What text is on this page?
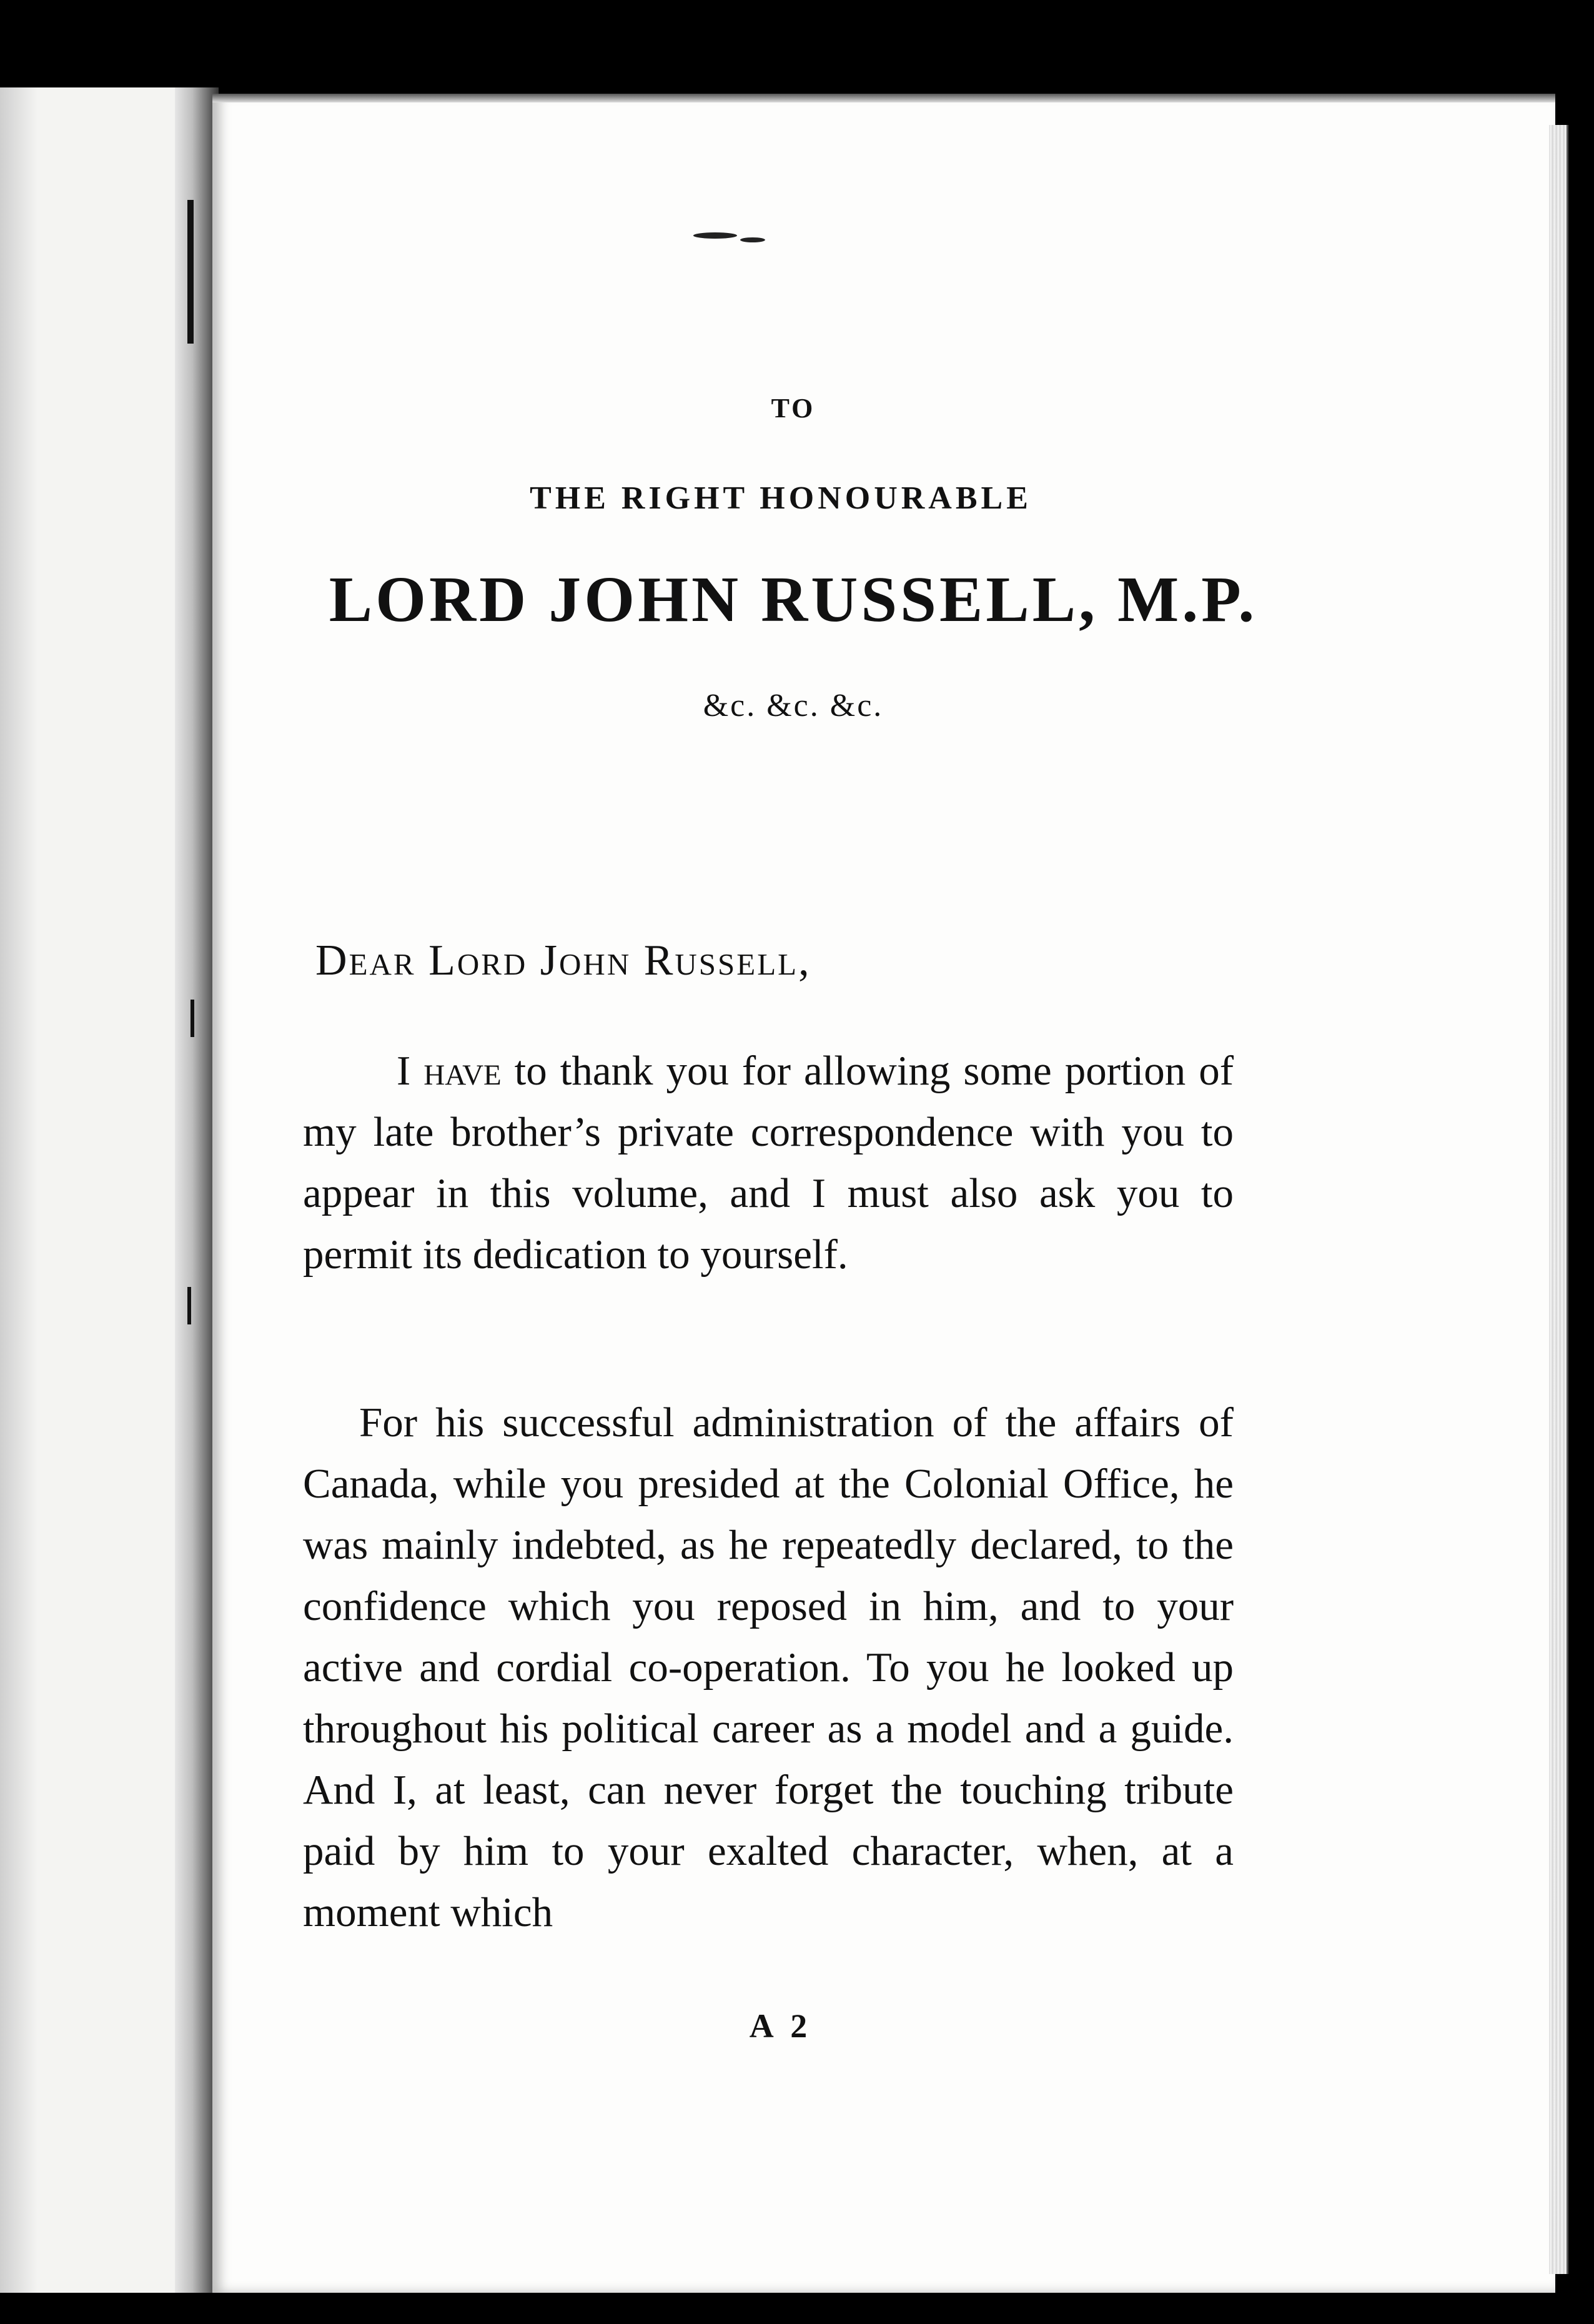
TO
THE RIGHT HONOURABLE
LORD JOHN RUSSELL, M.P.
&c. &c. &c.
Dear Lord John Russell,
I have to thank you for allowing some portion of my late brother’s private correspondence with you to appear in this volume, and I must also ask you to permit its dedication to yourself.
For his successful administration of the affairs of Canada, while you presided at the Colonial Office, he was mainly indebted, as he repeatedly declared, to the confidence which you reposed in him, and to your active and cordial co-operation. To you he looked up throughout his political career as a model and a guide. And I, at least, can never forget the touching tribute paid by him to your exalted character, when, at a moment which
A 2
